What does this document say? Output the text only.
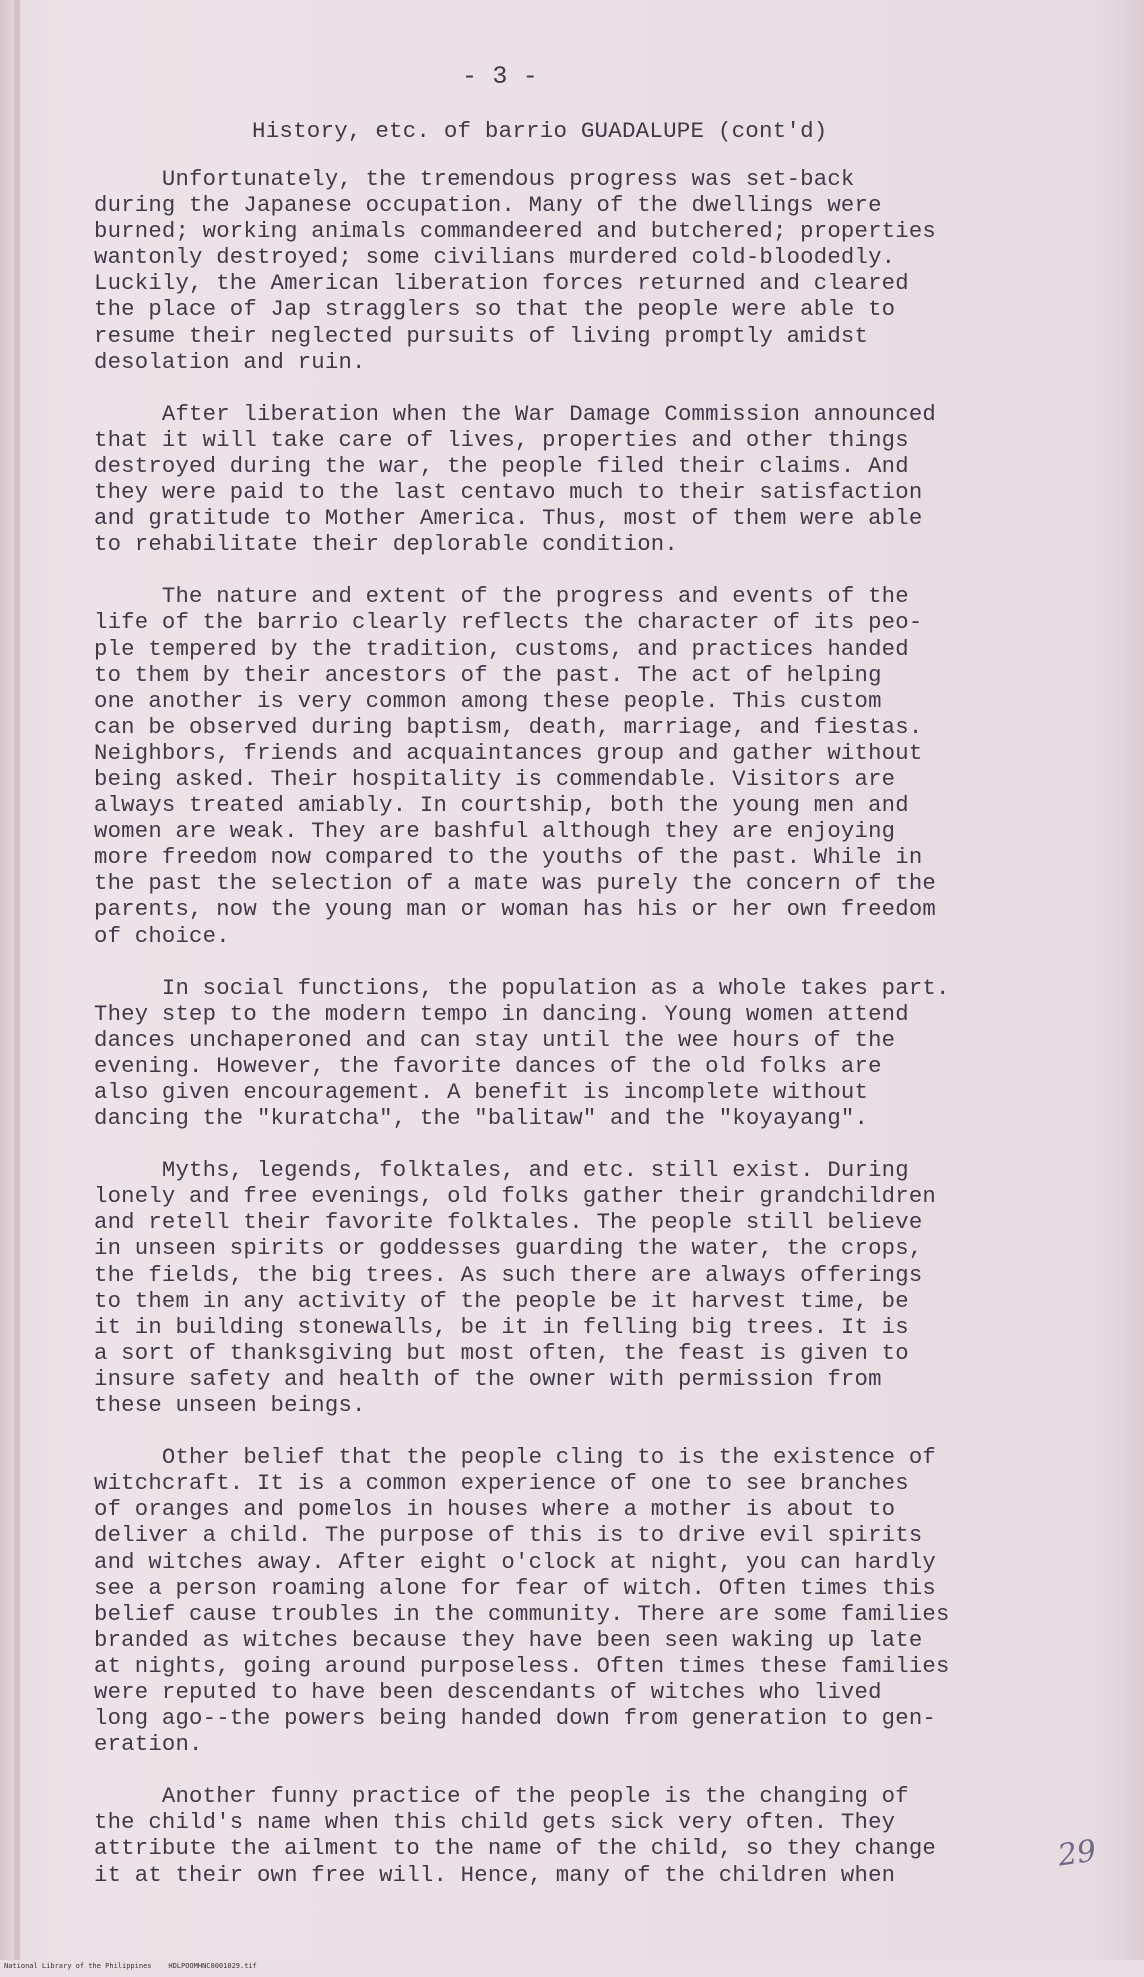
- 3 -
History, etc. of barrio GUADALUPE (cont'd)
Unfortunately, the tremendous progress was set-back
during the Japanese occupation. Many of the dwellings were
burned; working animals commandeered and butchered; properties
wantonly destroyed; some civilians murdered cold-bloodedly.
Luckily, the American liberation forces returned and cleared
the place of Jap stragglers so that the people were able to
resume their neglected pursuits of living promptly amidst
desolation and ruin.
After liberation when the War Damage Commission announced
that it will take care of lives, properties and other things
destroyed during the war, the people filed their claims. And
they were paid to the last centavo much to their satisfaction
and gratitude to Mother America. Thus, most of them were able
to rehabilitate their deplorable condition.
The nature and extent of the progress and events of the
life of the barrio clearly reflects the character of its peo-
ple tempered by the tradition, customs, and practices handed
to them by their ancestors of the past. The act of helping
one another is very common among these people. This custom
can be observed during baptism, death, marriage, and fiestas.
Neighbors, friends and acquaintances group and gather without
being asked. Their hospitality is commendable. Visitors are
always treated amiably. In courtship, both the young men and
women are weak. They are bashful although they are enjoying
more freedom now compared to the youths of the past. While in
the past the selection of a mate was purely the concern of the
parents, now the young man or woman has his or her own freedom
of choice.
In social functions, the population as a whole takes part.
They step to the modern tempo in dancing. Young women attend
dances unchaperoned and can stay until the wee hours of the
evening. However, the favorite dances of the old folks are
also given encouragement. A benefit is incomplete without
dancing the "kuratcha", the "balitaw" and the "koyayang".
Myths, legends, folktales, and etc. still exist. During
lonely and free evenings, old folks gather their grandchildren
and retell their favorite folktales. The people still believe
in unseen spirits or goddesses guarding the water, the crops,
the fields, the big trees. As such there are always offerings
to them in any activity of the people be it harvest time, be
it in building stonewalls, be it in felling big trees. It is
a sort of thanksgiving but most often, the feast is given to
insure safety and health of the owner with permission from
these unseen beings.
Other belief that the people cling to is the existence of
witchcraft. It is a common experience of one to see branches
of oranges and pomelos in houses where a mother is about to
deliver a child. The purpose of this is to drive evil spirits
and witches away. After eight o'clock at night, you can hardly
see a person roaming alone for fear of witch. Often times this
belief cause troubles in the community. There are some families
branded as witches because they have been seen waking up late
at nights, going around purposeless. Often times these families
were reputed to have been descendants of witches who lived
long ago--the powers being handed down from generation to gen-
eration.
Another funny practice of the people is the changing of
the child's name when this child gets sick very often. They
attribute the ailment to the name of the child, so they change
it at their own free will. Hence, many of the children when
29
National Library of the Philippines    HDLPOOMHNC0001029.tif
